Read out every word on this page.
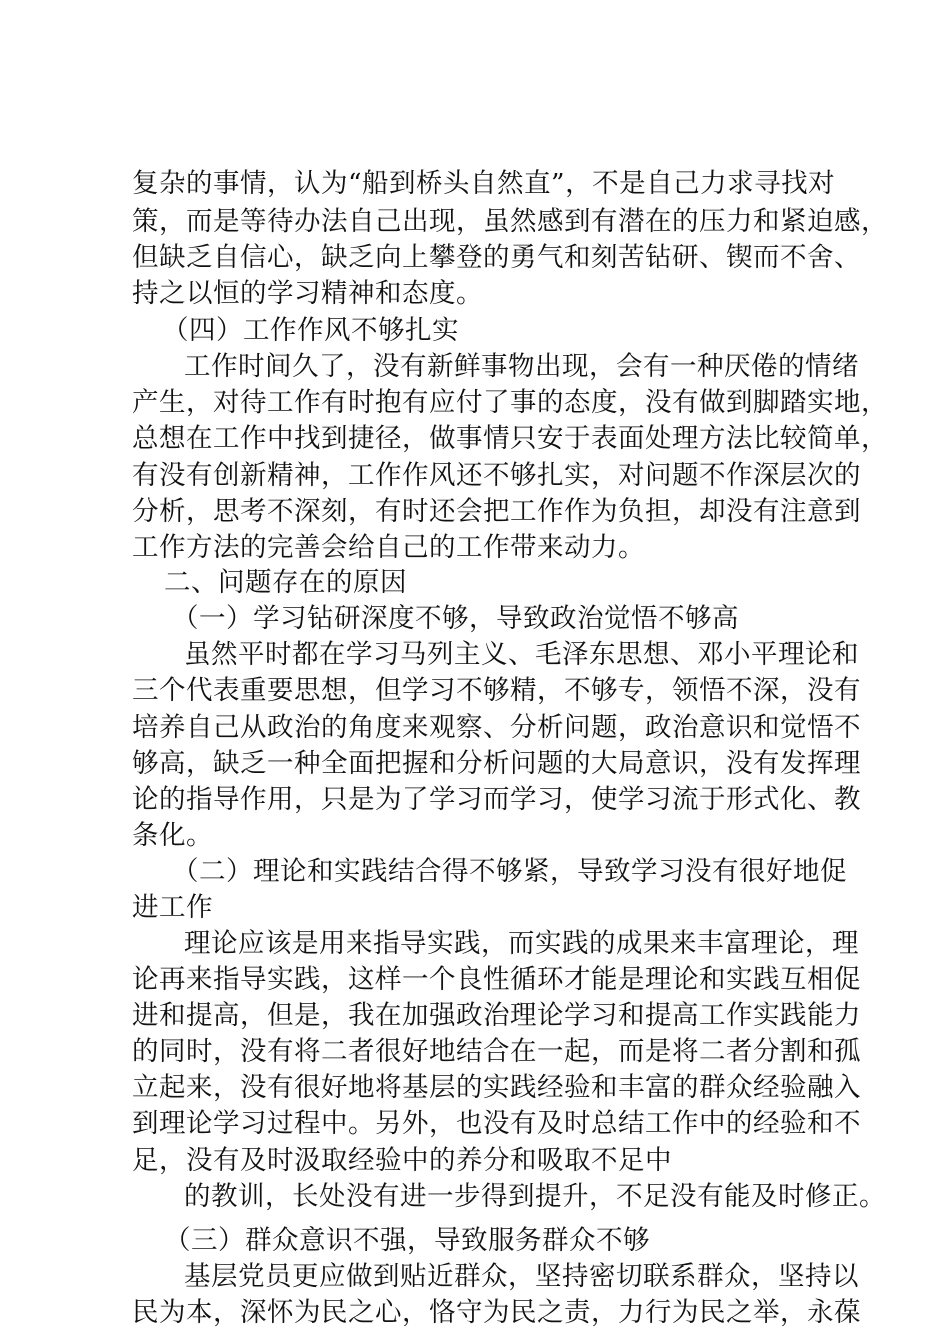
复杂的事情，认为“船到桥头自然直”，不是自己力求寻找对
策，而是等待办法自己出现，虽然感到有潜在的压力和紧迫感，
但缺乏自信心，缺乏向上攀登的勇气和刻苦钻研、锲而不舍、
持之以恒的学习精神和态度。
（四）工作作风不够扎实
工作时间久了，没有新鲜事物出现，会有一种厌倦的情绪
产生，对待工作有时抱有应付了事的态度，没有做到脚踏实地，
总想在工作中找到捷径，做事情只安于表面处理方法比较简单，
有没有创新精神，工作作风还不够扎实，对问题不作深层次的
分析，思考不深刻，有时还会把工作作为负担，却没有注意到
工作方法的完善会给自己的工作带来动力。
二、问题存在的原因
（一）学习钻研深度不够，导致政治觉悟不够高
虽然平时都在学习马列主义、毛泽东思想、邓小平理论和
三个代表重要思想，但学习不够精，不够专，领悟不深，没有
培养自己从政治的角度来观察、分析问题，政治意识和觉悟不
够高，缺乏一种全面把握和分析问题的大局意识，没有发挥理
论的指导作用，只是为了学习而学习，使学习流于形式化、教
条化。
（二）理论和实践结合得不够紧，导致学习没有很好地促
进工作
理论应该是用来指导实践，而实践的成果来丰富理论，理
论再来指导实践，这样一个良性循环才能是理论和实践互相促
进和提高，但是，我在加强政治理论学习和提高工作实践能力
的同时，没有将二者很好地结合在一起，而是将二者分割和孤
立起来，没有很好地将基层的实践经验和丰富的群众经验融入
到理论学习过程中。另外，也没有及时总结工作中的经验和不
足，没有及时汲取经验中的养分和吸取不足中
的教训，长处没有进一步得到提升，不足没有能及时修正。
（三）群众意识不强，导致服务群众不够
基层党员更应做到贴近群众，坚持密切联系群众，坚持以
民为本，深怀为民之心，恪守为民之责，力行为民之举，永葆
